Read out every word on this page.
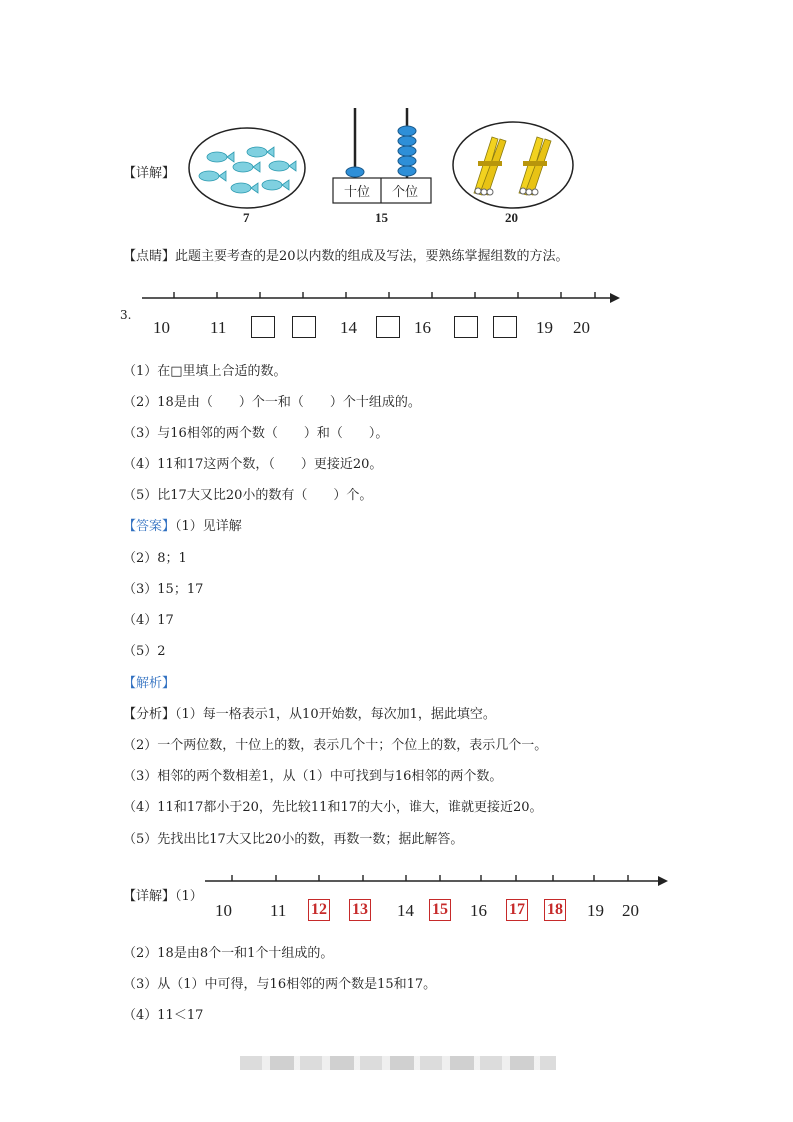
【详解】
十位 个位
7	15	20
【点睛】此题主要考查的是20以内数的组成及写法，要熟练掌握组数的方法。
3.
10 11	14	16	19 20
（1）在□里填上合适的数。
（2）18是由（　　）个一和（　　）个十组成的。
（3）与16相邻的两个数（　　）和（　　）。
（4）11和17这两个数，（　　）更接近20。
（5）比17大又比20小的数有（　　）个。
【答案】（1）见详解
（2）8；1
（3）15；17
（4）17
（5）2
【解析】
【分析】（1）每一格表示1，从10开始数，每次加1，据此填空。
（2）一个两位数，十位上的数，表示几个十；个位上的数，表示几个一。
（3）相邻的两个数相差1，从（1）中可找到与16相邻的两个数。
（4）11和17都小于20，先比较11和17的大小，谁大，谁就更接近20。
（5）先找出比17大又比20小的数，再数一数；据此解答。
【详解】（1）
10 11 12 13 14 15 16 17 18 19 20
（2）18是由8个一和1个十组成的。
（3）从（1）中可得，与16相邻的两个数是15和17。
（4）11＜17
